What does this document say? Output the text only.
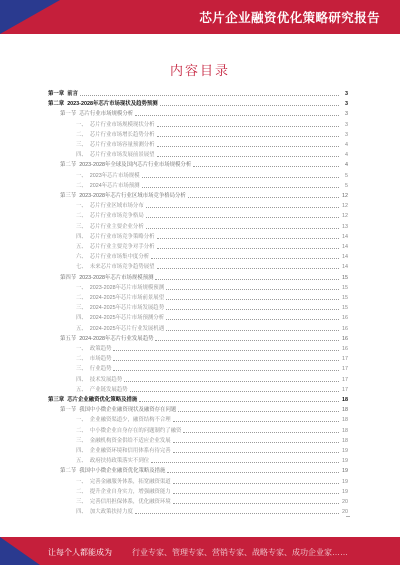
芯片企业融资优化策略研究报告
内容目录
第一章 前言	3
第二章 2023-2028年芯片市场现状及趋势预测	3
第一节 芯片行业市场规模分析	3
一、 芯片行业市场规模现状分析	3
二、 芯片行业市场增长趋势分析	3
三、 芯片行业市场容量预测分析	4
四、 芯片行业市场发展前景展望	4
第二节 2023-2028年全球及国内芯片行业市场规模分析	4
一、 2023年芯片市场规模	5
二、 2024年芯片市场预测	5
第三节 2023-2028年芯片行业区域市场竞争格局分析	12
一、 芯片行业区域市场分布	12
二、 芯片行业市场竞争格局	12
三、 芯片行业主要企业分析	13
四、 芯片行业市场竞争策略分析	14
五、 芯片行业主要竞争对手分析	14
六、 芯片行业市场集中度分析	14
七、 未来芯片市场竞争趋势展望	14
第四节 2023-2028年芯片市场规模预测	15
一、 2023-2028年芯片市场规模预测	15
二、 2024-2025年芯片市场前景展望	15
三、 2024-2025年芯片市场发展趋势	15
四、 2024-2025年芯片市场预测分析	16
五、 2024-2025年芯片行业发展机遇	16
第五节 2024-2028年芯片行业发展趋势	16
一、 政策趋势	16
二、 市场趋势	17
三、 行业趋势	17
四、 技术发展趋势	17
五、 产业链发展趋势	17
第三章 芯片企业融资优化策略及措施	18
第一节 我国中小微企业融资现状及融资存在问题	18
一、 企业融资渠道少，融资结构不合理	18
二、 中小微企业自身存在的问题制约了融资	18
三、 金融机构资金供给不适应企业发展	18
四、 企业融资环境和信用体系有待完善	19
五、 政府扶持政策落实不到位	19
第二节 我国中小微企业融资优化策略及措施	19
一、 完善金融服务体系，拓宽融资渠道	19
二、 提升企业自身实力，增强融资能力	19
三、 完善信用担保体系，优化融资环境	20
四、 加大政策扶持力度	20
让每个人都能成为	行业专家、管理专家、营销专家、战略专家、成功企业家……
